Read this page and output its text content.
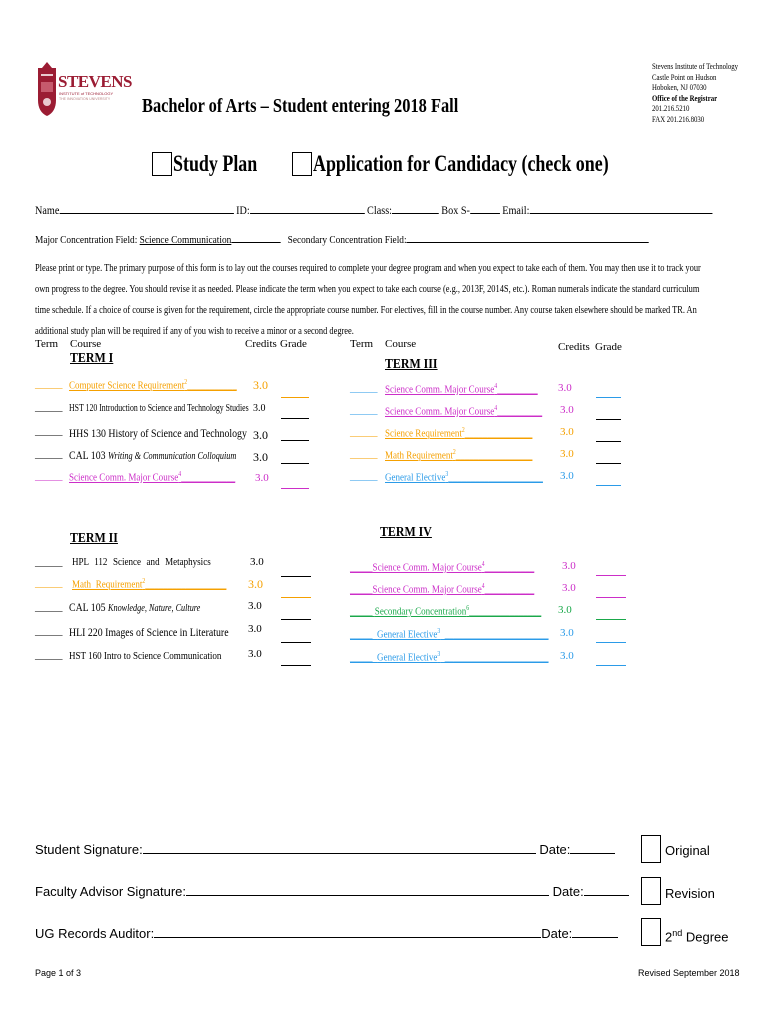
STEVENS
INSTITUTE of TECHNOLOGY
THE INNOVATION UNIVERSITY Bachelor of Arts – Student entering 2018 Fall
Stevens Institute of Technology
Castle Point on Hudson
Hoboken, NJ 07030
Office of the Registrar
201.216.5210
FAX 201.216.8030
Study Plan Application for Candidacy (check one)
Name	ID:	Class:	Box S-	Email:
Major Concentration Field: Science Communication	Secondary Concentration Field:
Please print or type. The primary purpose of this form is to lay out the courses required to complete your degree program and when you expect to take each of them. You may then use it to track your
own progress to the degree. You should revise it as needed. Please indicate the term when you expect to take each course (e.g., 2013F, 2014S, etc.). Roman numerals indicate the standard curriculum
time schedule. If a choice of course is given for the requirement, circle the appropriate course number. For electives, fill in the course number. Any course taken elsewhere should be marked TR. An
additional study plan will be required if any of you wish to receive a minor or a second degree.
Term Course	Credits Grade	Term Course	Credits Grade
TERM I	TERM III
TERM II	TERM IV
_____ Computer Science Requirement$^2$___________ 3.0
_____ HST 120 Introduction to Science and Technology Studies 3.0
_____ HHS 130 History of Science and Technology 3.0
_____ CAL 103 Writing & Communication Colloquium 3.0
_____ Science Comm. Major Course$^4$____________ 3.0
_____ Science Comm. Major Course$^4$_________ 3.0
_____ Science Comm. Major Course$^4$__________ 3.0
_____ Science Requirement$^2$_______________	3.0
_____ Math Requirement$^2$_________________	3.0
_____ General Elective$^3$_____________________ 3.0
_____ HPL 112 Science and Metaphysics	3.0
_____ Math Requirement$^2$__________________ 3.0
_____ CAL 105 Knowledge, Nature, Culture	3.0
_____ HLI 220 Images of Science in Literature 3.0
_____ HST 160 Intro to Science Communication 3.0
_____Science Comm. Major Course$^4$___________	3.0
_____Science Comm. Major Course$^4$___________	3.0
_____ Secondary Concentration$^6$________________ 3.0
_____  General Elective$^3$  _______________________ 3.0
_____  General Elective$^3$  _______________________ 3.0
Student Signature:	Date:
Faculty Advisor Signature:	Date:
UG Records Auditor:	Date:
Original
Revision
2nd Degree
Page 1 of 3	Revised September 2018
